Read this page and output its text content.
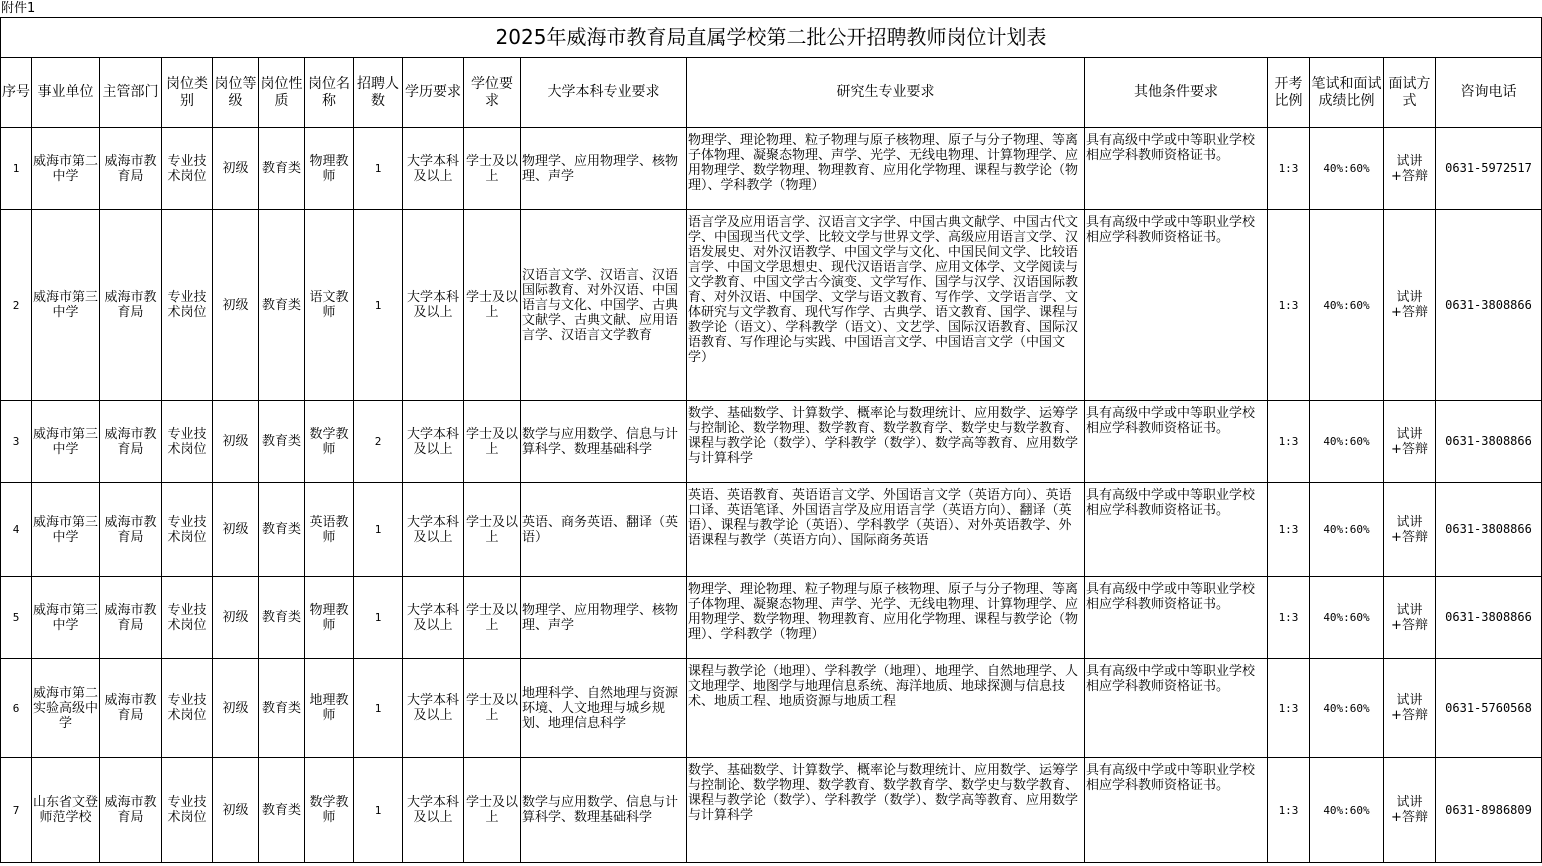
附件1
2025年威海市教育局直属学校第二批公开招聘教师岗位计划表
序号	事业单位	主管部门	岗位类别	岗位等级	岗位性质	岗位名称	招聘人数	学历要求	学位要求	大学本科专业要求	研究生专业要求	其他条件要求	开考比例	笔试和面试成绩比例	面试方式	咨询电话
1	威海市第二中学	威海市教育局	专业技术岗位	初级	教育类	物理教师	1	大学本科及以上	学士及以上	物理学、应用物理学、核物理、声学	物理学、理论物理、粒子物理与原子核物理、原子与分子物理、等离子体物理、凝聚态物理、声学、光学、无线电物理、计算物理学、应用物理学、数学物理、物理教育、应用化学物理、课程与教学论（物理）、学科教学（物理）	具有高级中学或中等职业学校相应学科教师资格证书。	1:3	40%:60%	试讲+答辩	0631-5972517
2	威海市第三中学	威海市教育局	专业技术岗位	初级	教育类	语文教师	1	大学本科及以上	学士及以上	汉语言文学、汉语言、汉语国际教育、对外汉语、中国语言与文化、中国学、古典文献学、古典文献、应用语言学、汉语言文学教育	语言学及应用语言学、汉语言文字学、中国古典文献学、中国古代文学、中国现当代文学、比较文学与世界文学、高级应用语言文学、汉语发展史、对外汉语教学、中国文学与文化、中国民间文学、比较语言学、中国文学思想史、现代汉语语言学、应用文体学、文学阅读与文学教育、中国文学古今演变、文学写作、国学与汉学、汉语国际教育、对外汉语、中国学、文学与语文教育、写作学、文学语言学、文体研究与文学教育、现代写作学、古典学、语文教育、国学、课程与教学论（语文）、学科教学（语文）、文艺学、国际汉语教育、国际汉语教育、写作理论与实践、中国语言文学、中国语言文学（中国文学）	具有高级中学或中等职业学校相应学科教师资格证书。	1:3	40%:60%	试讲+答辩	0631-3808866
3	威海市第三中学	威海市教育局	专业技术岗位	初级	教育类	数学教师	2	大学本科及以上	学士及以上	数学与应用数学、信息与计算科学、数理基础科学	数学、基础数学、计算数学、概率论与数理统计、应用数学、运筹学与控制论、数学物理、数学教育、数学教育学、数学史与数学教育、课程与教学论（数学）、学科教学（数学）、数学高等教育、应用数学与计算科学	具有高级中学或中等职业学校相应学科教师资格证书。	1:3	40%:60%	试讲+答辩	0631-3808866
4	威海市第三中学	威海市教育局	专业技术岗位	初级	教育类	英语教师	1	大学本科及以上	学士及以上	英语、商务英语、翻译（英语）	英语、英语教育、英语语言文学、外国语言文学（英语方向）、英语口译、英语笔译、外国语言学及应用语言学（英语方向）、翻译（英语）、课程与教学论（英语）、学科教学（英语）、对外英语教学、外语课程与教学（英语方向）、国际商务英语	具有高级中学或中等职业学校相应学科教师资格证书。	1:3	40%:60%	试讲+答辩	0631-3808866
5	威海市第三中学	威海市教育局	专业技术岗位	初级	教育类	物理教师	1	大学本科及以上	学士及以上	物理学、应用物理学、核物理、声学	物理学、理论物理、粒子物理与原子核物理、原子与分子物理、等离子体物理、凝聚态物理、声学、光学、无线电物理、计算物理学、应用物理学、数学物理、物理教育、应用化学物理、课程与教学论（物理）、学科教学（物理）	具有高级中学或中等职业学校相应学科教师资格证书。	1:3	40%:60%	试讲+答辩	0631-3808866
6	威海市第二实验高级中学	威海市教育局	专业技术岗位	初级	教育类	地理教师	1	大学本科及以上	学士及以上	地理科学、自然地理与资源环境、人文地理与城乡规划、地理信息科学	课程与教学论（地理）、学科教学（地理）、地理学、自然地理学、人文地理学、地图学与地理信息系统、海洋地质、地球探测与信息技术、地质工程、地质资源与地质工程	具有高级中学或中等职业学校相应学科教师资格证书。	1:3	40%:60%	试讲+答辩	0631-5760568
7	山东省文登师范学校	威海市教育局	专业技术岗位	初级	教育类	数学教师	1	大学本科及以上	学士及以上	数学与应用数学、信息与计算科学、数理基础科学	数学、基础数学、计算数学、概率论与数理统计、应用数学、运筹学与控制论、数学物理、数学教育、数学教育学、数学史与数学教育、课程与教学论（数学）、学科教学（数学）、数学高等教育、应用数学与计算科学	具有高级中学或中等职业学校相应学科教师资格证书。	1:3	40%:60%	试讲+答辩	0631-8986809
